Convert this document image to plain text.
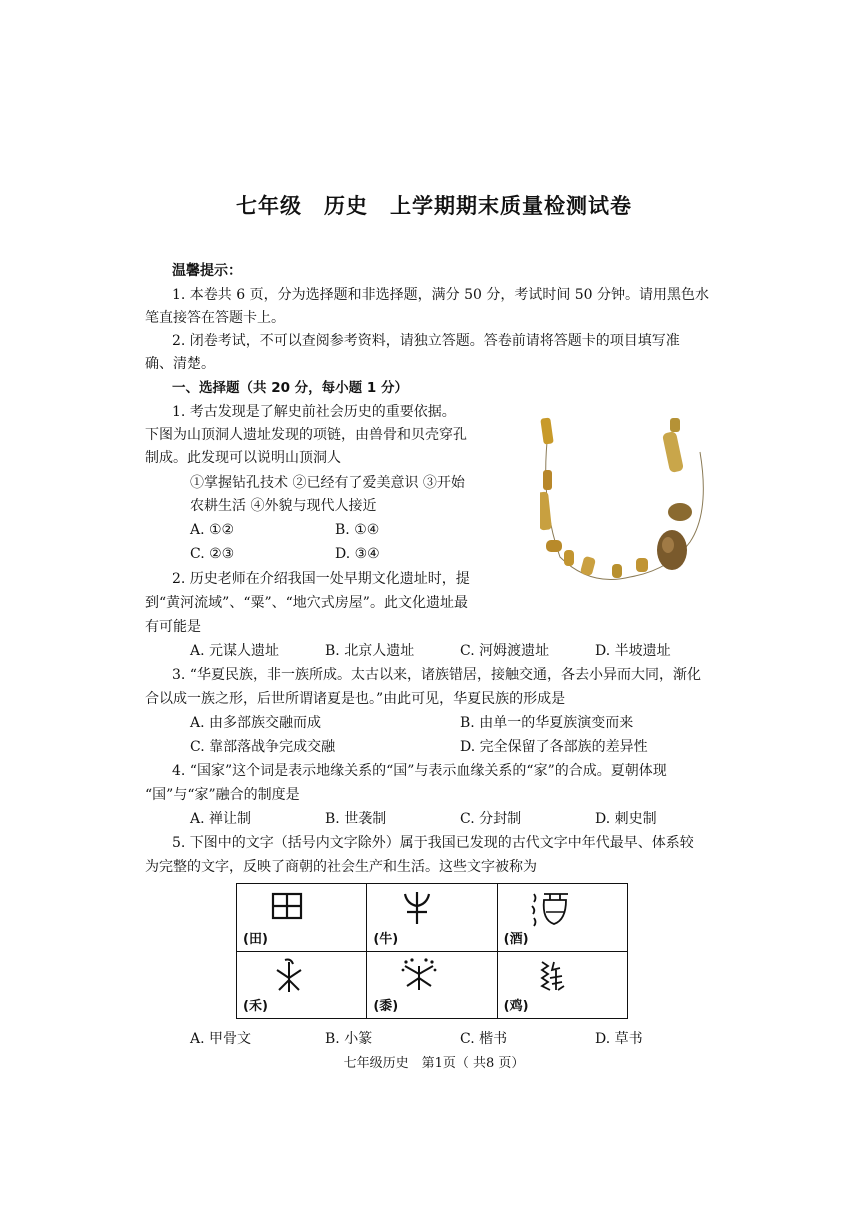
七年级　历史　上学期期末质量检测试卷
温馨提示：
1. 本卷共 6 页，分为选择题和非选择题，满分 50 分，考试时间 50 分钟。请用黑色水
笔直接答在答题卡上。
2. 闭卷考试，不可以查阅参考资料，请独立答题。答卷前请将答题卡的项目填写准
确、清楚。
一、选择题（共 20 分，每小题 1 分）
1. 考古发现是了解史前社会历史的重要依据。
下图为山顶洞人遗址发现的项链，由兽骨和贝壳穿孔
制成。此发现可以说明山顶洞人
①掌握钻孔技术 ②已经有了爱美意识 ③开始
农耕生活 ④外貌与现代人接近
A. ①②	B. ①④
C. ②③	D. ③④
2. 历史老师在介绍我国一处早期文化遗址时，提
到“黄河流域”、“粟”、“地穴式房屋”。此文化遗址最
有可能是
A. 元谋人遗址	B. 北京人遗址	C. 河姆渡遗址	D. 半坡遗址
3. “华夏民族，非一族所成。太古以来，诸族错居，接触交通，各去小异而大同，渐化
合以成一族之形，后世所谓诸夏是也。”由此可见，华夏民族的形成是
A. 由多部族交融而成	B. 由单一的华夏族演变而来
C. 靠部落战争完成交融	D. 完全保留了各部族的差异性
4. “国家”这个词是表示地缘关系的“国”与表示血缘关系的“家”的合成。夏朝体现
“国”与“家”融合的制度是
A. 禅让制	B. 世袭制	C. 分封制	D. 刺史制
5. 下图中的文字（括号内文字除外）属于我国已发现的古代文字中年代最早、体系较
为完整的文字，反映了商朝的社会生产和生活。这些文字被称为
(田)	(牛)	(酒)

(禾)	(黍)	(鸡)
A. 甲骨文	B. 小篆	C. 楷书	D. 草书
七年级历史　第1页（ 共8 页）
